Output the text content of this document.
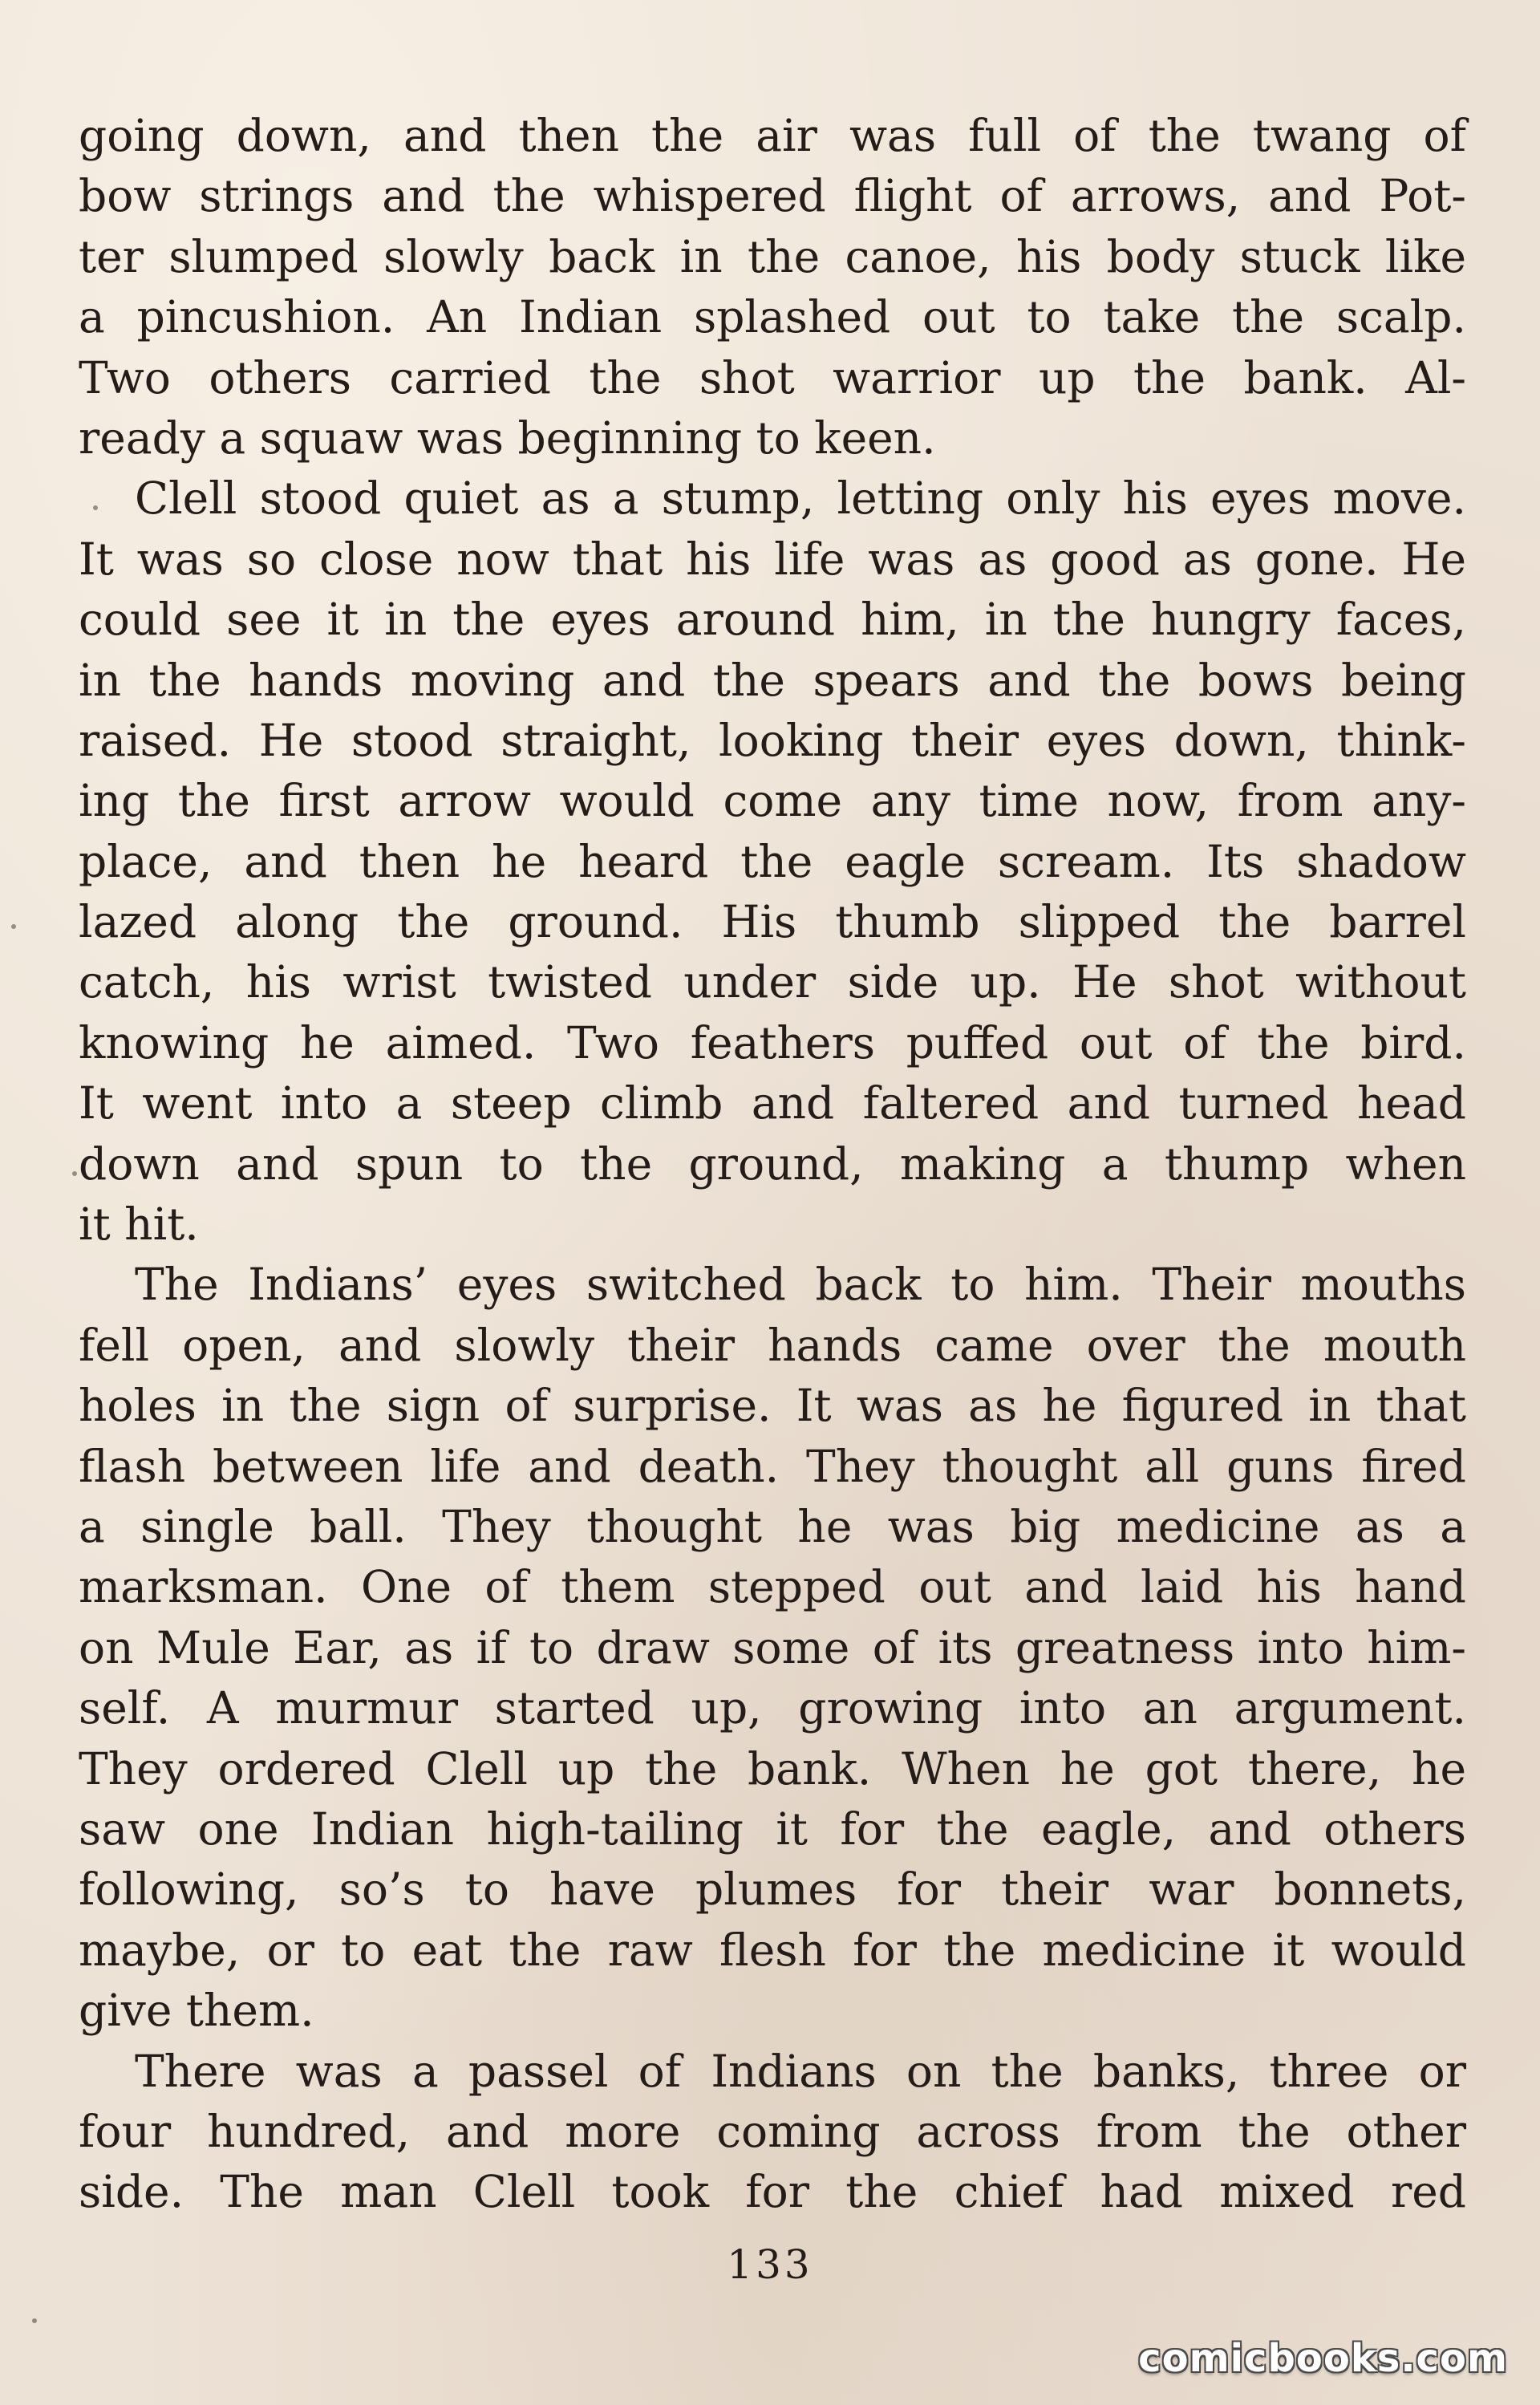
going down, and then the air was full of the twang of
bow strings and the whispered flight of arrows, and Pot-
ter slumped slowly back in the canoe, his body stuck like
a pincushion. An Indian splashed out to take the scalp.
Two others carried the shot warrior up the bank. Al-
ready a squaw was beginning to keen.
Clell stood quiet as a stump, letting only his eyes move.
It was so close now that his life was as good as gone. He
could see it in the eyes around him, in the hungry faces,
in the hands moving and the spears and the bows being
raised. He stood straight, looking their eyes down, think-
ing the first arrow would come any time now, from any-
place, and then he heard the eagle scream. Its shadow
lazed along the ground. His thumb slipped the barrel
catch, his wrist twisted under side up. He shot without
knowing he aimed. Two feathers puffed out of the bird.
It went into a steep climb and faltered and turned head
down and spun to the ground, making a thump when
it hit.
The Indians’ eyes switched back to him. Their mouths
fell open, and slowly their hands came over the mouth
holes in the sign of surprise. It was as he figured in that
flash between life and death. They thought all guns fired
a single ball. They thought he was big medicine as a
marksman. One of them stepped out and laid his hand
on Mule Ear, as if to draw some of its greatness into him-
self. A murmur started up, growing into an argument.
They ordered Clell up the bank. When he got there, he
saw one Indian high-tailing it for the eagle, and others
following, so’s to have plumes for their war bonnets,
maybe, or to eat the raw flesh for the medicine it would
give them.
There was a passel of Indians on the banks, three or
four hundred, and more coming across from the other
side. The man Clell took for the chief had mixed red
133
comicbooks.com
